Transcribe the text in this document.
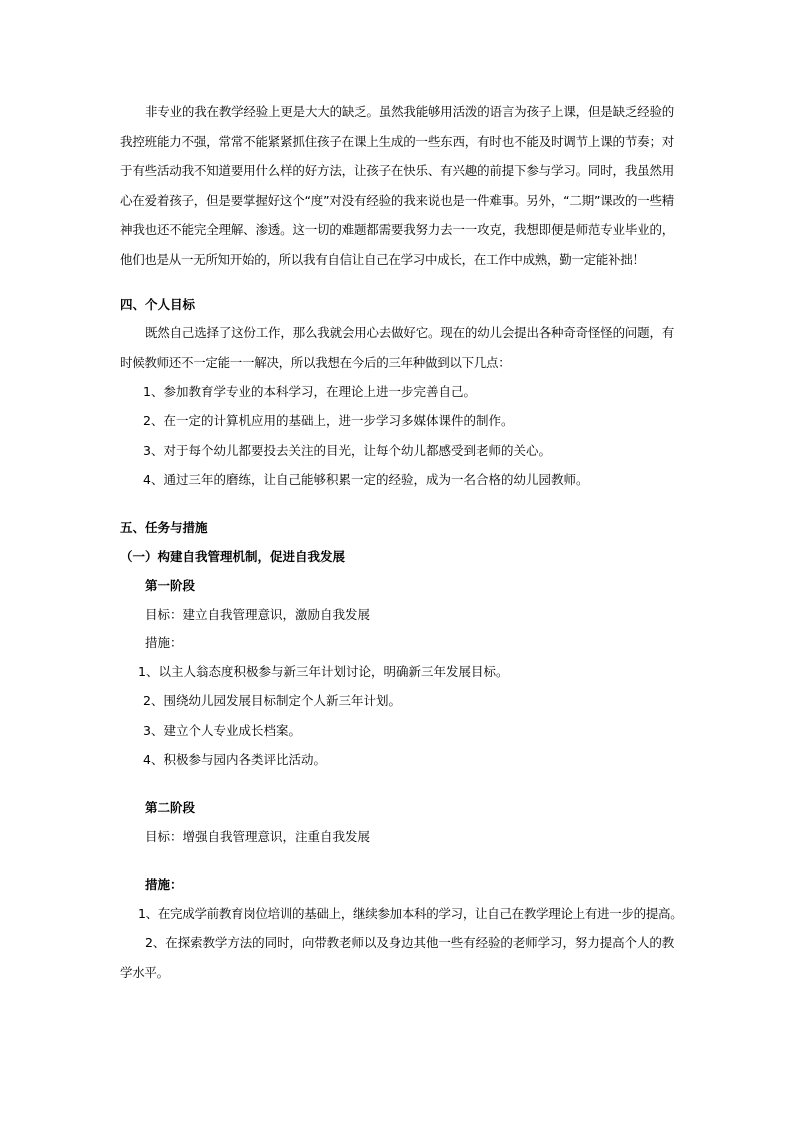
非专业的我在教学经验上更是大大的缺乏。虽然我能够用活泼的语言为孩子上课，但是缺乏经验的我控班能力不强，常常不能紧紧抓住孩子在课上生成的一些东西，有时也不能及时调节上课的节奏；对于有些活动我不知道要用什么样的好方法，让孩子在快乐、有兴趣的前提下参与学习。同时，我虽然用心在爱着孩子，但是要掌握好这个“度”对没有经验的我来说也是一件难事。另外，“二期”课改的一些精神我也还不能完全理解、渗透。这一切的难题都需要我努力去一一攻克，我想即便是师范专业毕业的，他们也是从一无所知开始的，所以我有自信让自己在学习中成长，在工作中成熟，勤一定能补拙！
四、个人目标
既然自己选择了这份工作，那么我就会用心去做好它。现在的幼儿会提出各种奇奇怪怪的问题，有时候教师还不一定能一一解决，所以我想在今后的三年种做到以下几点：
1、参加教育学专业的本科学习，在理论上进一步完善自己。
2、在一定的计算机应用的基础上，进一步学习多媒体课件的制作。
3、对于每个幼儿都要投去关注的目光，让每个幼儿都感受到老师的关心。
4、通过三年的磨练，让自己能够积累一定的经验，成为一名合格的幼儿园教师。
五、任务与措施
（一）构建自我管理机制，促进自我发展
第一阶段
目标：建立自我管理意识，激励自我发展
措施：
1、以主人翁态度积极参与新三年计划讨论，明确新三年发展目标。
2、围绕幼儿园发展目标制定个人新三年计划。
3、建立个人专业成长档案。
4、积极参与园内各类评比活动。
第二阶段
目标：增强自我管理意识，注重自我发展
措施：
1、在完成学前教育岗位培训的基础上，继续参加本科的学习，让自己在教学理论上有进一步的提高。
2、在探索教学方法的同时，向带教老师以及身边其他一些有经验的老师学习，努力提高个人的教学水平。
